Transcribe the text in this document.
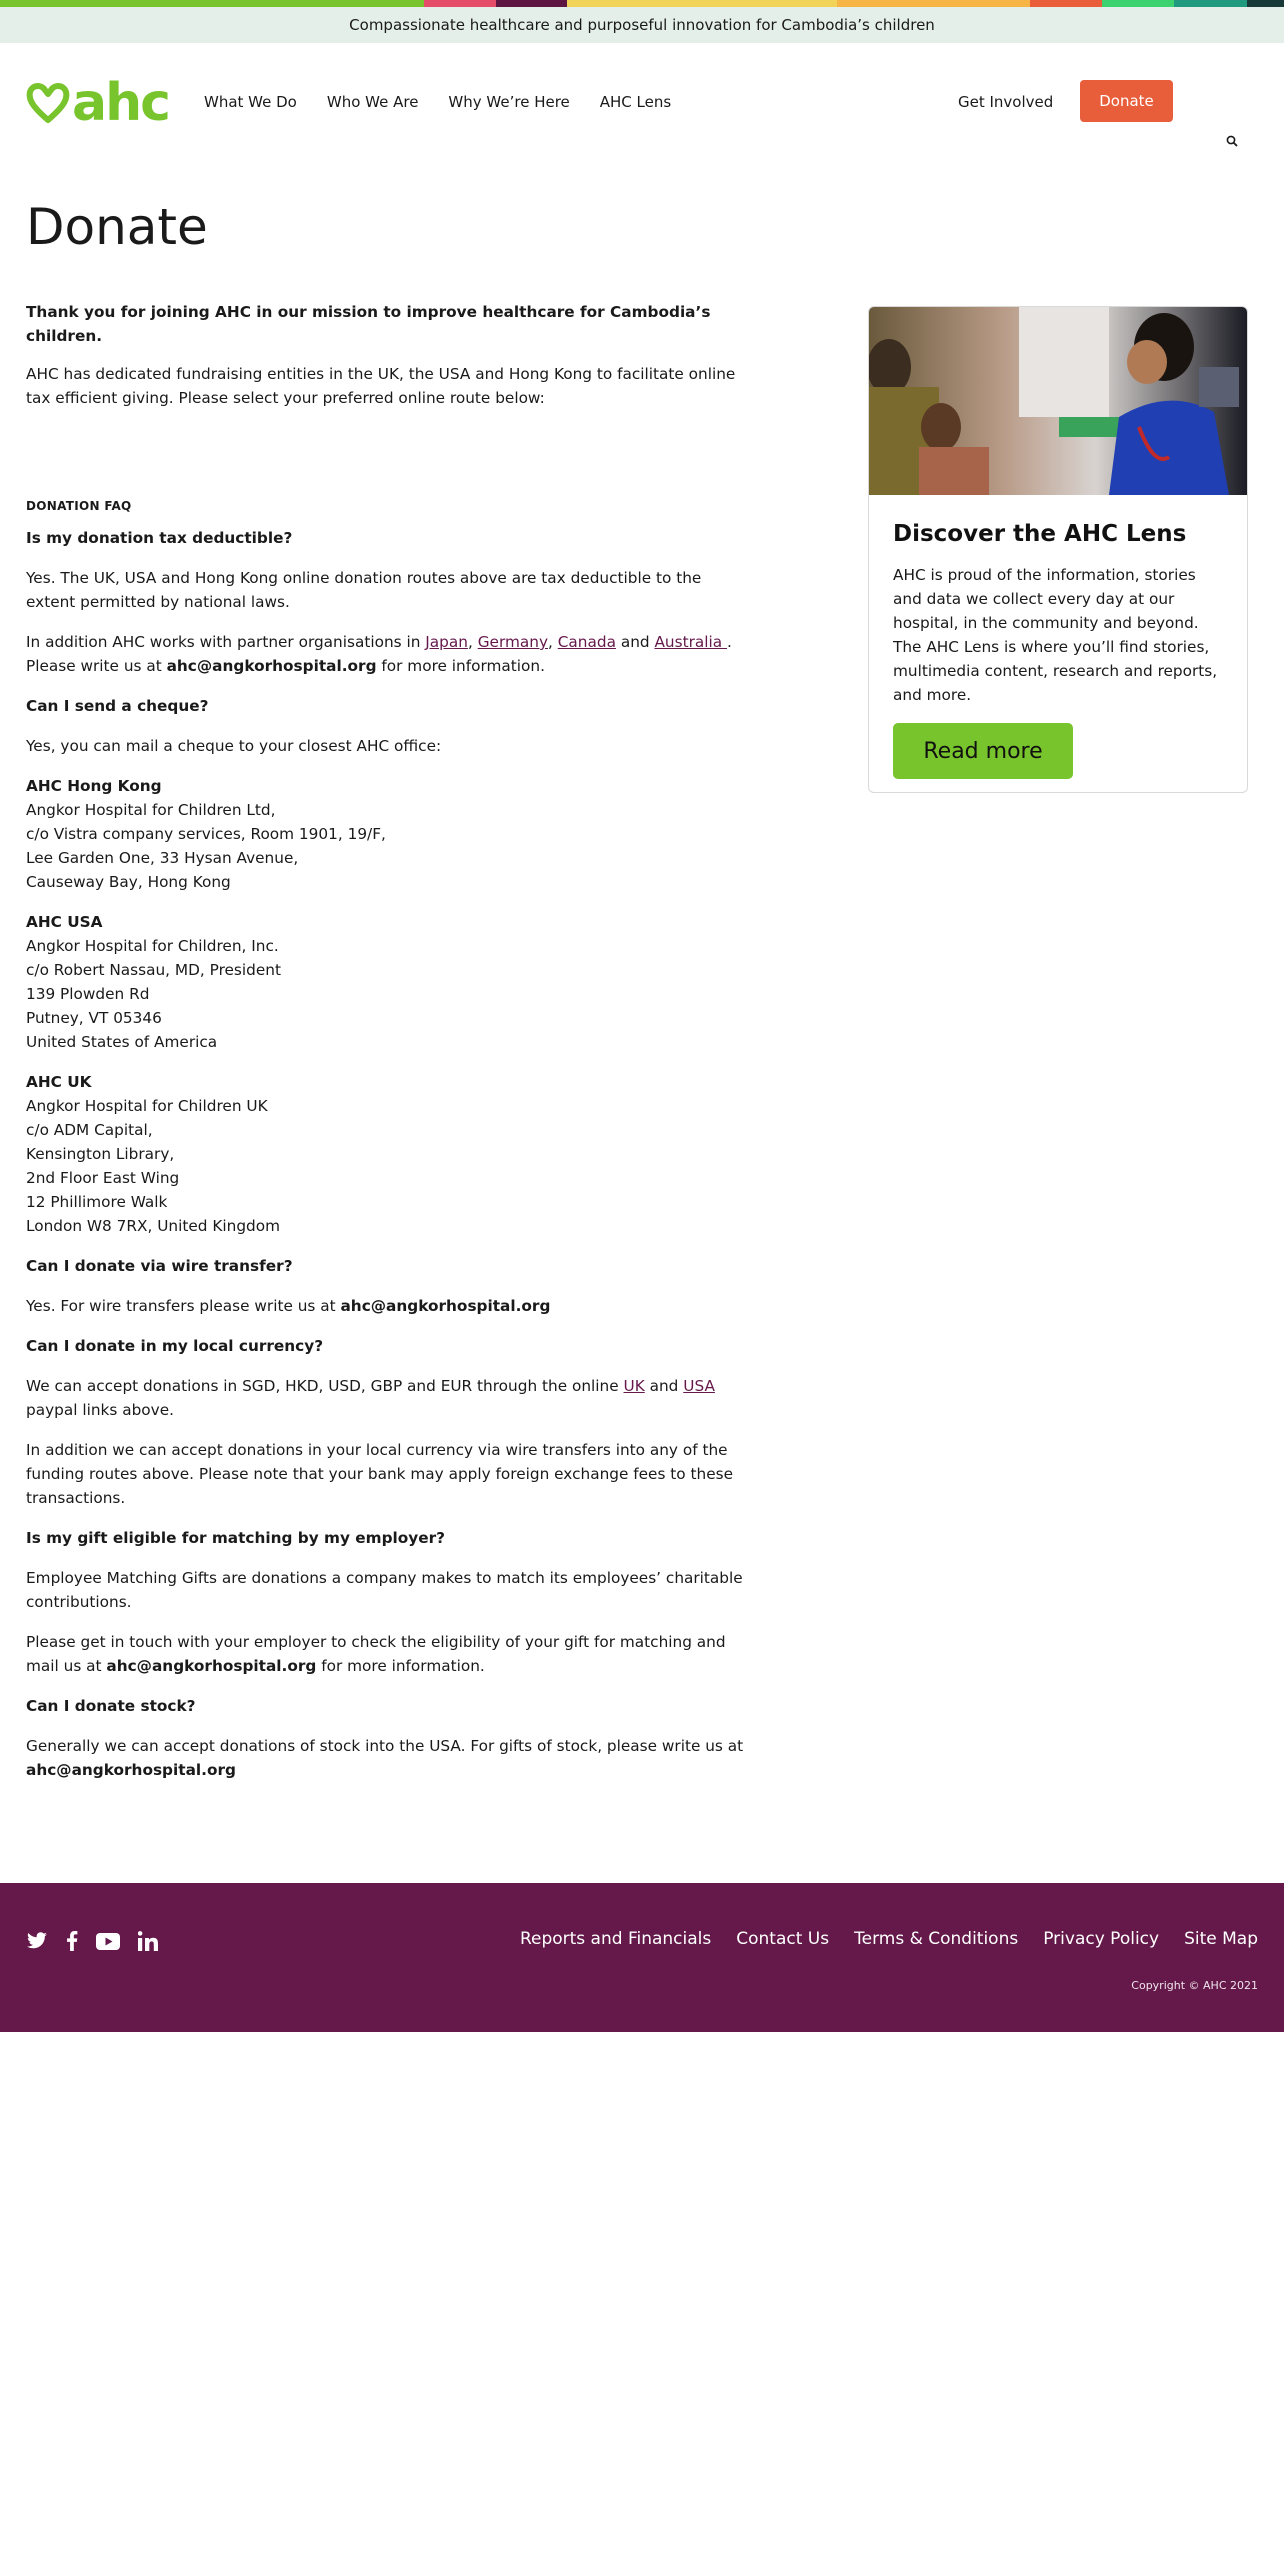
Compassionate healthcare and purposeful innovation for Cambodia’s children
ahc What We Do Who We Are Why We’re Here AHC Lens	Get Involved	Donate
Donate

Thank you for joining AHC in our mission to improve healthcare for Cambodia’s children.

AHC has dedicated fundraising entities in the UK, the USA and Hong Kong to facilitate online tax efficient giving. Please select your preferred online route below:

DONATION FAQ

Is my donation tax deductible?

Yes. The UK, USA and Hong Kong online donation routes above are tax deductible to the extent permitted by national laws.

In addition AHC works with partner organisations in Japan, Germany, Canada and Australia . Please write us at ahc@angkorhospital.org for more information.

Can I send a cheque?

Yes, you can mail a cheque to your closest AHC office:

AHC Hong Kong
Angkor Hospital for Children Ltd,
c/o Vistra company services, Room 1901, 19/F,
Lee Garden One, 33 Hysan Avenue,
Causeway Bay, Hong Kong
AHC USA
Angkor Hospital for Children, Inc.
c/o Robert Nassau, MD, President
139 Plowden Rd
Putney, VT 05346
United States of America
AHC UK
Angkor Hospital for Children UK
c/o ADM Capital,
Kensington Library,
2nd Floor East Wing
12 Phillimore Walk
London W8 7RX, United Kingdom

Can I donate via wire transfer?

Yes. For wire transfers please write us at ahc@angkorhospital.org

Can I donate in my local currency?

We can accept donations in SGD, HKD, USD, GBP and EUR through the online UK and USA paypal links above.

In addition we can accept donations in your local currency via wire transfers into any of the funding routes above. Please note that your bank may apply foreign exchange fees to these transactions.

Is my gift eligible for matching by my employer?

Employee Matching Gifts are donations a company makes to match its employees’ charitable contributions.

Please get in touch with your employer to check the eligibility of your gift for matching and mail us at ahc@angkorhospital.org for more information.

Can I donate stock?

Generally we can accept donations of stock into the USA. For gifts of stock, please write us at ahc@angkorhospital.org

Discover the AHC Lens
AHC is proud of the information, stories and data we collect every day at our hospital, in the community and beyond. The AHC Lens is where you’ll find stories, multimedia content, research and reports, and more.
Read more
Reports and Financials Contact Us Terms & Conditions Privacy Policy Site Map
Copyright © AHC 2021
